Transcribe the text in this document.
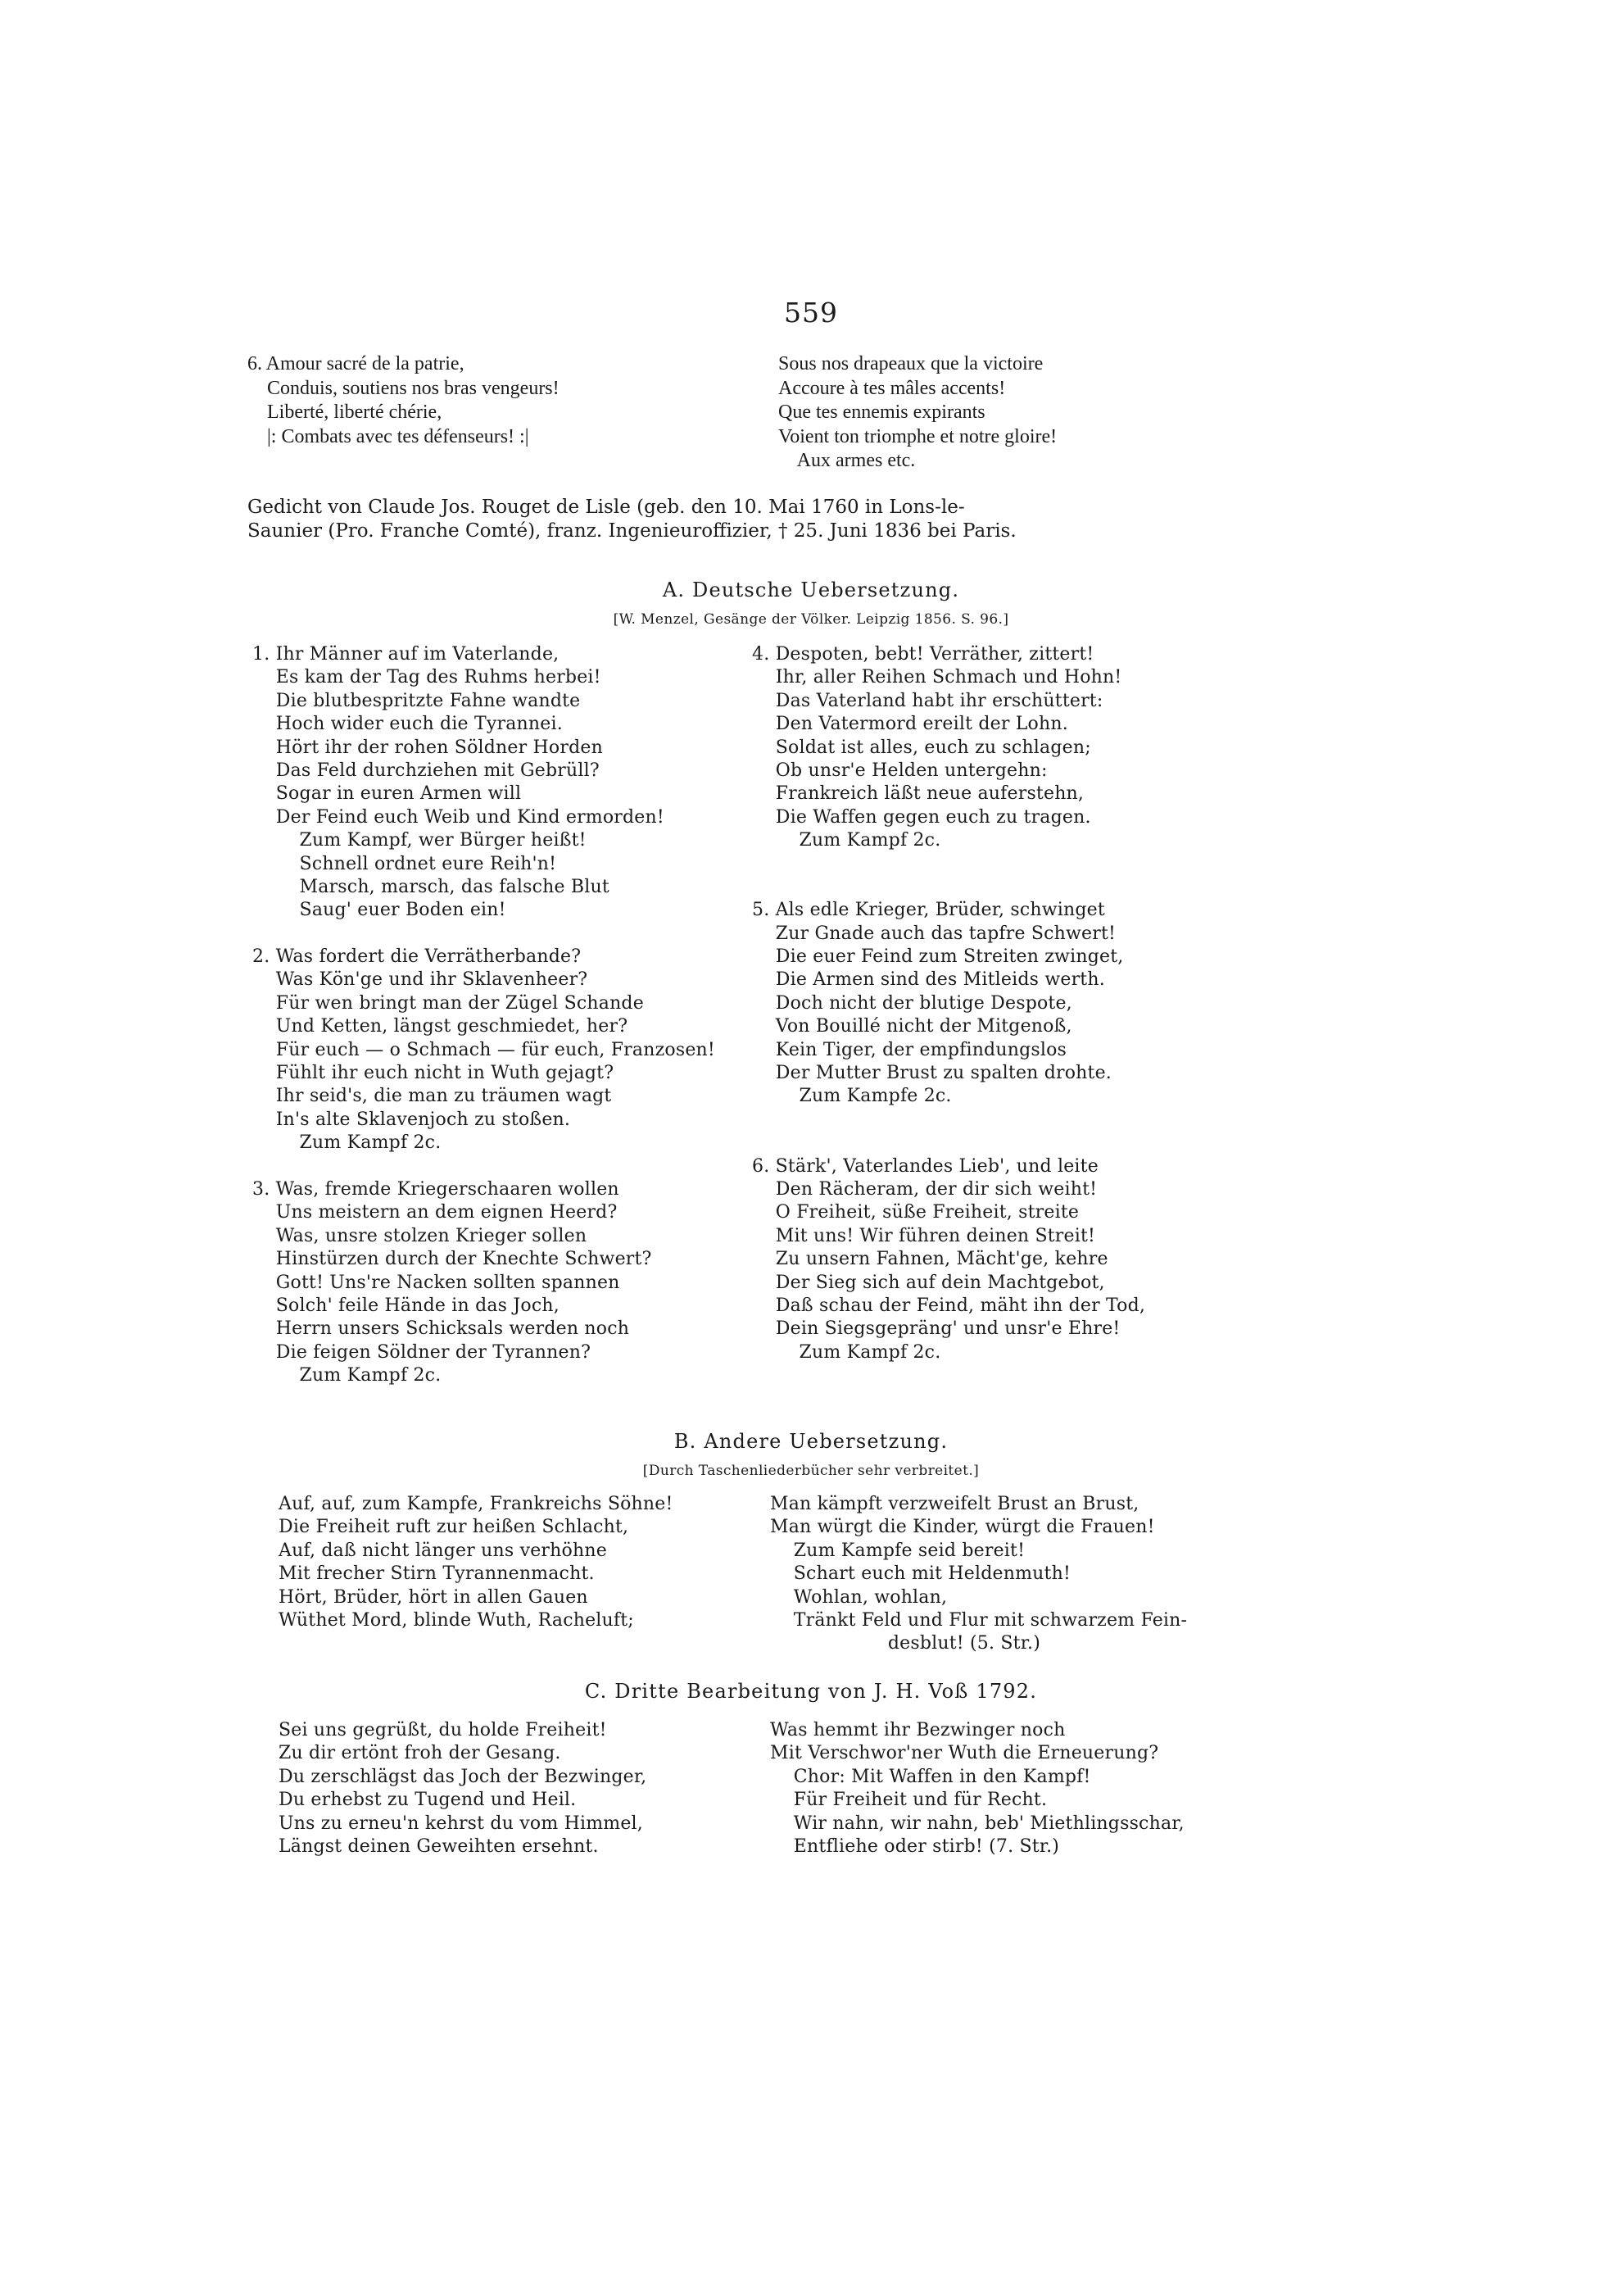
559
6. Amour sacré de la patrie,
Conduis, soutiens nos bras vengeurs!
Liberté, liberté chérie,
|: Combats avec tes défenseurs! :|
Sous nos drapeaux que la victoire
Accoure à tes mâles accents!
Que tes ennemis expirants
Voient ton triomphe et notre gloire!
Aux armes etc.
Gedicht von Claude Jos. Rouget de Lisle (geb. den 10. Mai 1760 in Lons-le-
Saunier (Pro. Franche Comté), franz. Ingenieuroffizier, † 25. Juni 1836 bei Paris.
A. Deutsche Uebersetzung.
[W. Menzel, Gesänge der Völker. Leipzig 1856. S. 96.]
1. Ihr Männer auf im Vaterlande,
Es kam der Tag des Ruhms herbei!
Die blutbespritzte Fahne wandte
Hoch wider euch die Tyrannei.
Hört ihr der rohen Söldner Horden
Das Feld durchziehen mit Gebrüll?
Sogar in euren Armen will
Der Feind euch Weib und Kind ermorden!
Zum Kampf, wer Bürger heißt!
Schnell ordnet eure Reih'n!
Marsch, marsch, das falsche Blut
Saug' euer Boden ein!

2. Was fordert die Verrätherbande?
Was Kön'ge und ihr Sklavenheer?
Für wen bringt man der Zügel Schande
Und Ketten, längst geschmiedet, her?
Für euch — o Schmach — für euch, Franzosen!
Fühlt ihr euch nicht in Wuth gejagt?
Ihr seid's, die man zu träumen wagt
In's alte Sklavenjoch zu stoßen.
Zum Kampf 2c.

3. Was, fremde Kriegerschaaren wollen
Uns meistern an dem eignen Heerd?
Was, unsre stolzen Krieger sollen
Hinstürzen durch der Knechte Schwert?
Gott! Uns're Nacken sollten spannen
Solch' feile Hände in das Joch,
Herrn unsers Schicksals werden noch
Die feigen Söldner der Tyrannen?
Zum Kampf 2c.
4. Despoten, bebt! Verräther, zittert!
Ihr, aller Reihen Schmach und Hohn!
Das Vaterland habt ihr erschüttert:
Den Vatermord ereilt der Lohn.
Soldat ist alles, euch zu schlagen;
Ob unsr'e Helden untergehn:
Frankreich läßt neue auferstehn,
Die Waffen gegen euch zu tragen.
Zum Kampf 2c.

5. Als edle Krieger, Brüder, schwinget
Zur Gnade auch das tapfre Schwert!
Die euer Feind zum Streiten zwinget,
Die Armen sind des Mitleids werth.
Doch nicht der blutige Despote,
Von Bouillé nicht der Mitgenoß,
Kein Tiger, der empfindungslos
Der Mutter Brust zu spalten drohte.
Zum Kampfe 2c.

6. Stärk', Vaterlandes Lieb', und leite
Den Rächeram, der dir sich weiht!
O Freiheit, süße Freiheit, streite
Mit uns! Wir führen deinen Streit!
Zu unsern Fahnen, Mächt'ge, kehre
Der Sieg sich auf dein Machtgebot,
Daß schau der Feind, mäht ihn der Tod,
Dein Siegsgepräng' und unsr'e Ehre!
Zum Kampf 2c.
B. Andere Uebersetzung.
[Durch Taschenliederbücher sehr verbreitet.]
Auf, auf, zum Kampfe, Frankreichs Söhne!
Die Freiheit ruft zur heißen Schlacht,
Auf, daß nicht länger uns verhöhne
Mit frecher Stirn Tyrannenmacht.
Hört, Brüder, hört in allen Gauen
Wüthet Mord, blinde Wuth, Racheluft;
Man kämpft verzweifelt Brust an Brust,
Man würgt die Kinder, würgt die Frauen!
Zum Kampfe seid bereit!
Schart euch mit Heldenmuth!
Wohlan, wohlan,
Tränkt Feld und Flur mit schwarzem Fein-
desblut! (5. Str.)
C. Dritte Bearbeitung von J. H. Voß 1792.
Sei uns gegrüßt, du holde Freiheit!
Zu dir ertönt froh der Gesang.
Du zerschlägst das Joch der Bezwinger,
Du erhebst zu Tugend und Heil.
Uns zu erneu'n kehrst du vom Himmel,
Längst deinen Geweihten ersehnt.
Was hemmt ihr Bezwinger noch
Mit Verschwor'ner Wuth die Erneuerung?
Chor: Mit Waffen in den Kampf!
Für Freiheit und für Recht.
Wir nahn, wir nahn, beb' Miethlingsschar,
Entfliehe oder stirb! (7. Str.)
